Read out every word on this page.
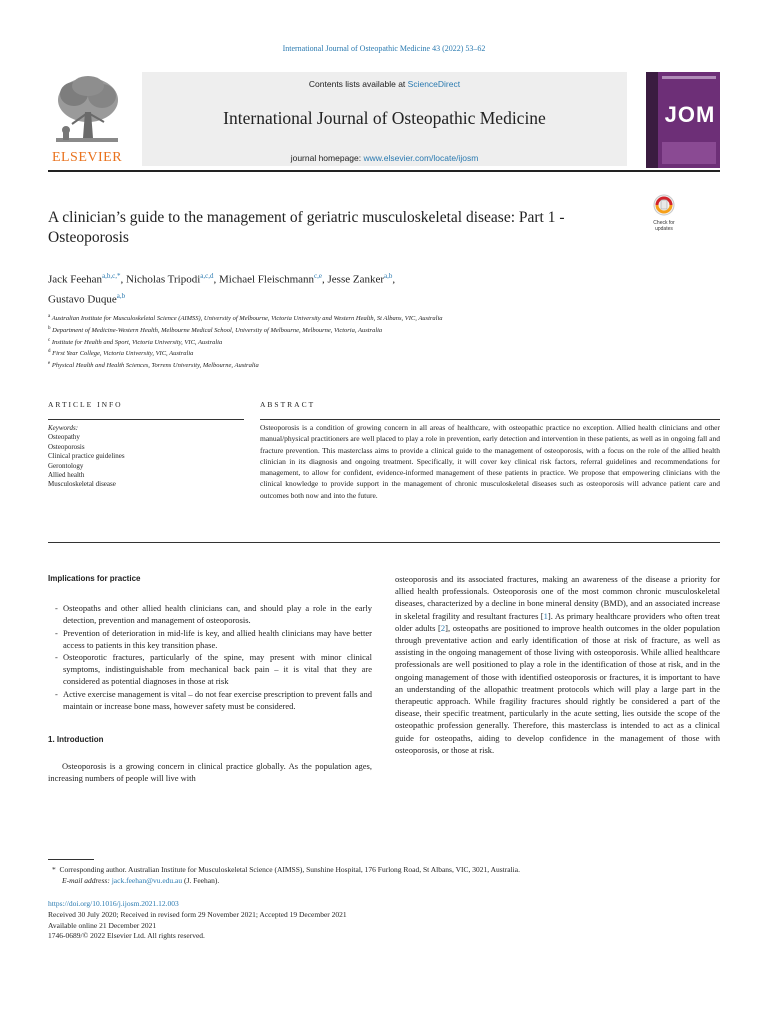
International Journal of Osteopathic Medicine 43 (2022) 53–62
Contents lists available at ScienceDirect
International Journal of Osteopathic Medicine
journal homepage: www.elsevier.com/locate/ijosm
ELSEVIER
JOM
A clinician’s guide to the management of geriatric musculoskeletal disease: Part 1 - Osteoporosis
Check for updates
Jack Feehan$^{a,b,c,*}$, Nicholas Tripodi$^{a,c,d}$, Michael Fleischmann$^{c,e}$, Jesse Zanker$^{a,b}$,
Gustavo Duque$^{a,b}$
$^a$ Australian Institute for Musculoskeletal Science (AIMSS), University of Melbourne, Victoria University and Western Health, St Albans, VIC, Australia
$^b$ Department of Medicine-Western Health, Melbourne Medical School, University of Melbourne, Melbourne, Victoria, Australia
$^c$ Institute for Health and Sport, Victoria University, VIC, Australia
$^d$ First Year College, Victoria University, VIC, Australia
$^e$ Physical Health and Health Sciences, Torrens University, Melbourne, Australia
ARTICLE INFO	ABSTRACT
Keywords:
Osteopathy
Osteoporosis
Clinical practice guidelines
Gerontology
Allied health
Musculoskeletal disease
Osteoporosis is a condition of growing concern in all areas of healthcare, with osteopathic practice no exception. Allied health clinicians and other manual/physical practitioners are well placed to play a role in prevention, early detection and intervention in these patients, as well as in ongoing fall and fracture prevention. This masterclass aims to provide a clinical guide to the management of osteoporosis, with a focus on the role of the allied health clinician in its diagnosis and ongoing treatment. Specifically, it will cover key clinical risk factors, referral guidelines and recommendations for management, to allow for confident, evidence-informed management of these patients in practice. We propose that empowering clinicians with the clinical knowledge to provide support in the management of chronic musculoskeletal diseases such as osteoporosis will advance patient care and outcomes both now and into the future.
Implications for practice
- Osteopaths and other allied health clinicians can, and should play a role in the early detection, prevention and management of osteoporosis.
- Prevention of deterioration in mid-life is key, and allied health clinicians may have better access to patients in this key transition phase.
- Osteoporotic fractures, particularly of the spine, may present with minor clinical symptoms, indistinguishable from mechanical back pain – it is vital that they are considered as potential diagnoses in those at risk
- Active exercise management is vital – do not fear exercise prescription to prevent falls and maintain or increase bone mass, however safety must be considered.
1. Introduction

Osteoporosis is a growing concern in clinical practice globally. As the population ages, increasing numbers of people will live with

osteoporosis and its associated fractures, making an awareness of the disease a priority for allied health professionals. Osteoporosis one of the most common chronic musculoskeletal diseases, characterized by a decline in bone mineral density (BMD), and an associated increase in skeletal fragility and resultant fractures [1]. As primary healthcare providers who often treat older adults [2], osteopaths are positioned to improve health outcomes in the older population through preventative action and early identification of those at risk of fracture, as well as assisting in the ongoing management of those living with osteoporosis. While allied healthcare professionals are well positioned to play a role in the identification of those at risk, and in the ongoing management of those with identified osteoporosis or fractures, it is important to have an understanding of the allopathic treatment protocols which will play a large part in the therapeutic approach. While fragility fractures should rightly be considered a part of the disease, their specific treatment, particularly in the acute setting, lies outside the scope of the osteopathic profession generally. Therefore, this masterclass is intended to act as a clinical guide for osteopaths, aiding to develop confidence in the management of those with osteoporosis, or those at risk.
* Corresponding author. Australian Institute for Musculoskeletal Science (AIMSS), Sunshine Hospital, 176 Furlong Road, St Albans, VIC, 3021, Australia.
E-mail address: jack.feehan@vu.edu.au (J. Feehan).
https://doi.org/10.1016/j.ijosm.2021.12.003
Received 30 July 2020; Received in revised form 29 November 2021; Accepted 19 December 2021
Available online 21 December 2021
1746-0689/© 2022 Elsevier Ltd. All rights reserved.
